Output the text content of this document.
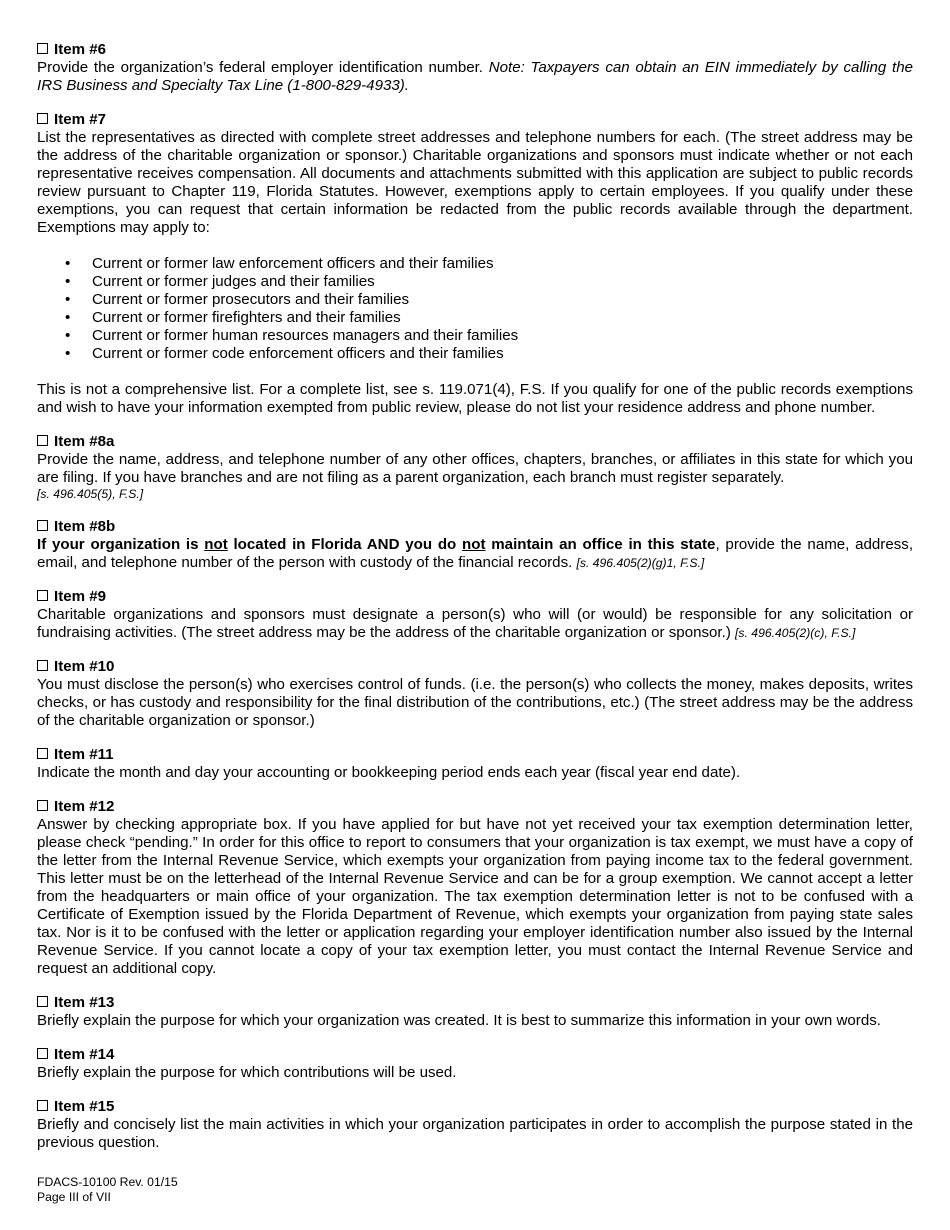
Item #6

Provide the organization’s federal employer identification number. Note: Taxpayers can obtain an EIN immediately by calling the IRS Business and Specialty Tax Line (1-800-829-4933).

Item #7

List the representatives as directed with complete street addresses and telephone numbers for each. (The street address may be the address of the charitable organization or sponsor.) Charitable organizations and sponsors must indicate whether or not each representative receives compensation. All documents and attachments submitted with this application are subject to public records review pursuant to Chapter 119, Florida Statutes. However, exemptions apply to certain employees. If you qualify under these exemptions, you can request that certain information be redacted from the public records available through the department. Exemptions may apply to:

• Current or former law enforcement officers and their families
• Current or former judges and their families
• Current or former prosecutors and their families
• Current or former firefighters and their families
• Current or former human resources managers and their families
• Current or former code enforcement officers and their families

This is not a comprehensive list. For a complete list, see s. 119.071(4), F.S. If you qualify for one of the public records exemptions and wish to have your information exempted from public review, please do not list your residence address and phone number.

Item #8a

Provide the name, address, and telephone number of any other offices, chapters, branches, or affiliates in this state for which you are filing. If you have branches and are not filing as a parent organization, each branch must register separately.

[s. 496.405(5), F.S.]

Item #8b

If your organization is not located in Florida AND you do not maintain an office in this state, provide the name, address, email, and telephone number of the person with custody of the financial records. [s. 496.405(2)(g)1, F.S.]

Item #9

Charitable organizations and sponsors must designate a person(s) who will (or would) be responsible for any solicitation or fundraising activities. (The street address may be the address of the charitable organization or sponsor.) [s. 496.405(2)(c), F.S.]

Item #10

You must disclose the person(s) who exercises control of funds. (i.e. the person(s) who collects the money, makes deposits, writes checks, or has custody and responsibility for the final distribution of the contributions, etc.) (The street address may be the address of the charitable organization or sponsor.)

Item #11

Indicate the month and day your accounting or bookkeeping period ends each year (fiscal year end date).

Item #12

Answer by checking appropriate box. If you have applied for but have not yet received your tax exemption determination letter, please check “pending.” In order for this office to report to consumers that your organization is tax exempt, we must have a copy of the letter from the Internal Revenue Service, which exempts your organization from paying income tax to the federal government. This letter must be on the letterhead of the Internal Revenue Service and can be for a group exemption. We cannot accept a letter from the headquarters or main office of your organization. The tax exemption determination letter is not to be confused with a Certificate of Exemption issued by the Florida Department of Revenue, which exempts your organization from paying state sales tax. Nor is it to be confused with the letter or application regarding your employer identification number also issued by the Internal Revenue Service. If you cannot locate a copy of your tax exemption letter, you must contact the Internal Revenue Service and request an additional copy.

Item #13

Briefly explain the purpose for which your organization was created. It is best to summarize this information in your own words.

Item #14

Briefly explain the purpose for which contributions will be used.

Item #15

Briefly and concisely list the main activities in which your organization participates in order to accomplish the purpose stated in the previous question.

FDACS-10100 Rev. 01/15
Page III of VII
